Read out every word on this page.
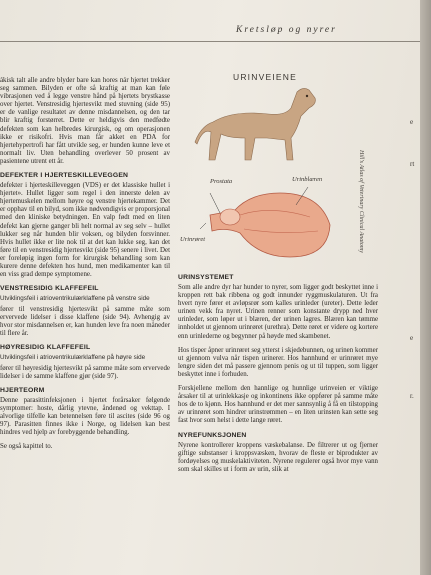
Kretsløp og nyrer
URINVEIENE
Prostata	Urinblæren
Urinrøret	Hill's Atlas of Veterinary Clinical Anatomy

åkisk talt alle andre blyder bare kan hores når hjertet trekker seg sammen. Bilyden er ofte så kraftig at man kan føle vibrasjonen ved å legge venstre hånd på hjertets brystkasse over hjertet. Venstresidig hjertesvikt med stuvning (side 95) er de vanlige resultatet av denne misdannelsen, og den tar blir kraftig forstørret. Dette er heldigvis den medfødte defekten som kan helbredes kirurgisk, og om operasjonen ikke er risikofri. Hvis man får akket en PDA for hjertehypertrofi har fått utvikle seg, er hunden kunne leve et normalt liv. Uten behandling overlever 50 prosent av pasientene utrent ett år.

DEFEKTER I HJERTESKILLEVEGGEN

defekter i hjerteskilleveggen (VDS) er det klassiske hullet i hjertet». Hullet ligger som regel i den innerste delen av hjertemuskelen mellom høyre og venstre hjertekammer. Det er opphav til en bilyd, som ikke nødvendigvis er proporsjonal med den kliniske betydningen. En valp født med en liten defekt kan gjerne ganger bli helt normal av seg selv – hullet lukker seg når hunden blir voksen, og bilyden forsvinner. Hvis hullet ikke er lite nok til at det kan lukke seg, kan det føre til en venstresidig hjertesvikt (side 95) senere i livet. Det er foreløpig ingen form for kirurgisk behandling som kan kurere denne defekten hos hund, men medikamenter kan til en viss grad dempe symptomene.

VENSTRESIDIG KLAFFEFEIL
Utviklingsfeil i atrioventrikulærklaffene på venstre side

fører til venstresidig hjertesvikt på samme måte som ervervede lidelser i disse klaffene (side 94). Avhengig av hvor stor misdannelsen er, kan hunden leve fra noen måneder til flere år.

HØYRESIDIG KLAFFEFEIL
Utviklingsfeil i atrioventrikulærklaffene på høyre side

fører til høyresidig hjertesvikt på samme måte som ervervede lidelser i de samme klaffene gjør (side 97).

HJERTEORM

Denne parasittinfeksjonen i hjertet forårsaker følgende symptomer: hoste, dårlig ytevne, åndenød og vekttap. I alvorlige tilfelle kan betennelsen føre til ascites (side 96 og 97). Parasitten finnes ikke i Norge, og lidelsen kan best hindres ved hjelp av forebyggende behandling.

Se også kapittel to.

URINSYSTEMET

Som alle andre dyr har hunder to nyrer, som ligger godt beskyttet inne i kroppen rett bak ribbena og godt innunder ryggmuskulaturen. Ut fra hvert nyre fører et avløpsrør som kalles urinleder (ureter). Dette leder urinen vekk fra nyret. Urinen renner som konstante drypp ned hver urinleder, som løper ut i blæren, der urinen lagres. Blæren kan tømme innholdet ut gjennom urinrøret (urethra). Dette røret er videre og kortere enn urinlederne og begynner på høyde med skambenet.

Hos tisper åpner urinrøret seg ytterst i skjedebunnen, og urinen kommer ut gjennom vulva når tispen urinerer. Hos hannhund er urinrøret mye lengre siden det må passere gjennom penis og ut til tuppen, som ligger beskyttet inne i forhuden.

Forskjellene mellom den hannlige og hunnlige urinveien er viktige årsaker til at urinlekkasje og inkontinens ikke oppfører på samme måte hos de to kjønn. Hos hannhund er det mer sannsynlig å få en tilstopping av urinrøret som hindrer urinstrømmen – en liten urinsten kan sette seg fast hvor som helst i dette lange røret.

NYREFUNKSJONEN

Nyrene kontrollerer kroppens væskebalanse. De filtrerer ut og fjerner giftige substanser i kroppsvæsken, hvorav de fleste er biprodukter av fordøyelses og muskelaktiviteten. Nyrene regulerer også hvor mye vann som skal skilles ut i form av urin, slik at

e
rt
e
r.
